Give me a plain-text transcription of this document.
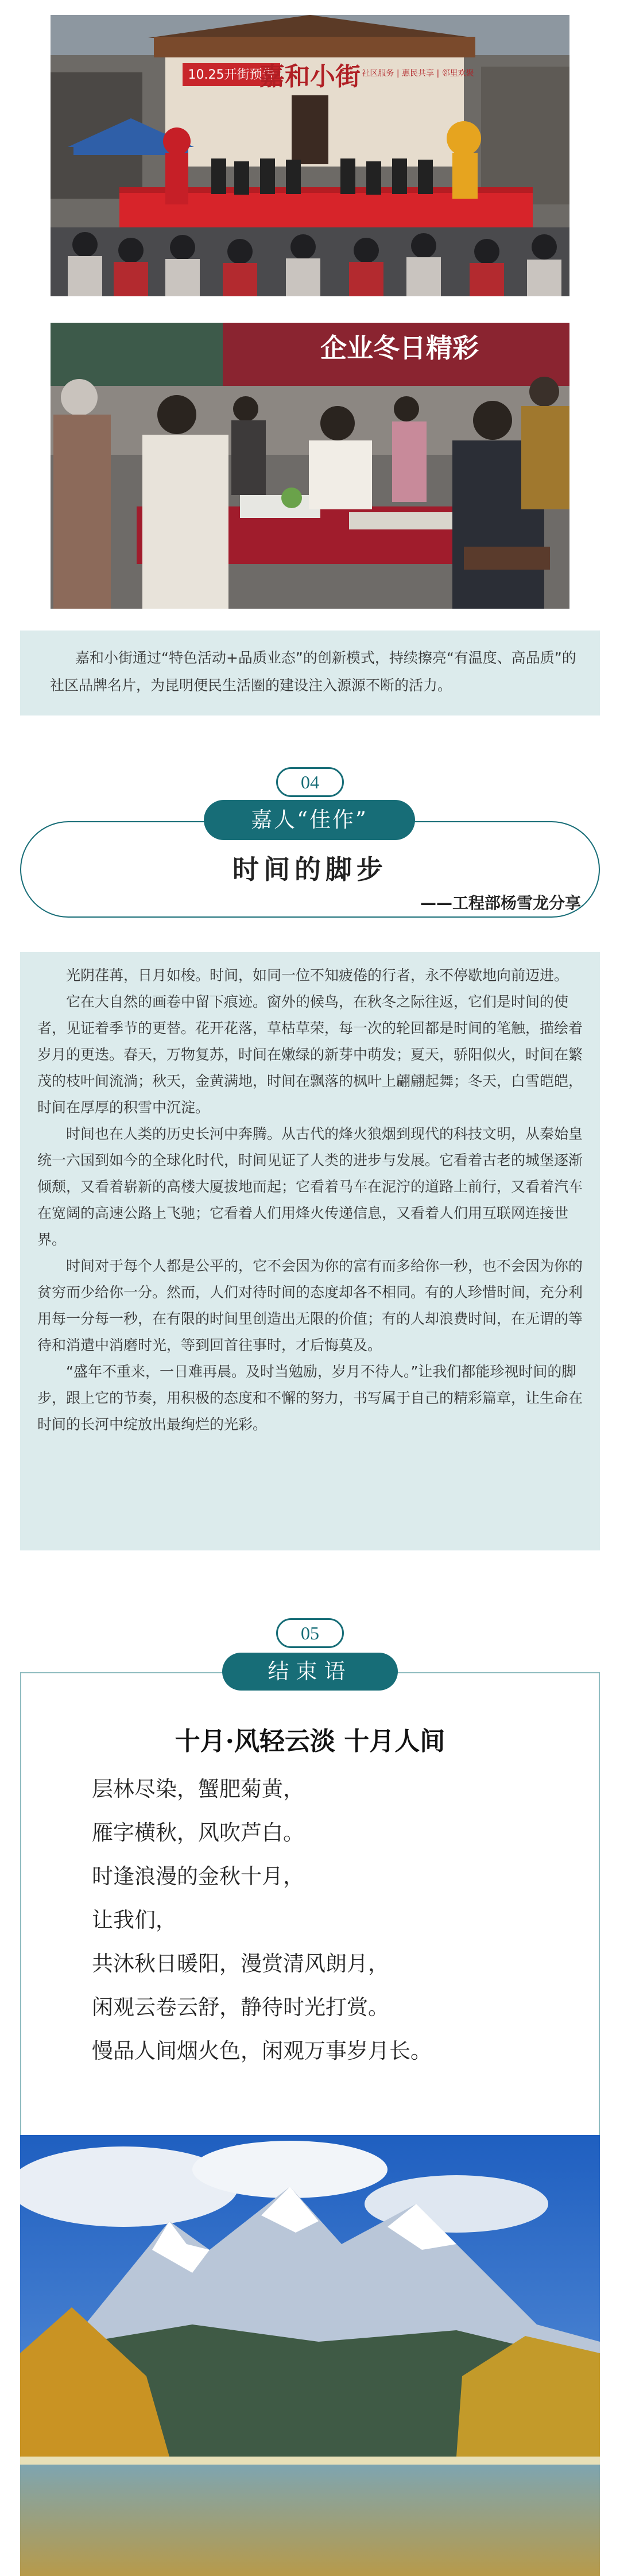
10.25开街预告
嘉和小街 社区服务 | 惠民共享 | 邻里欢聚
企业冬日精彩

嘉和小街通过“特色活动+品质业态”的创新模式，持续擦亮“有温度、高品质”的社区品牌名片，为昆明便民生活圈的建设注入源源不断的活力。

04
嘉人“佳作”
时间的脚步
——工程部杨雪龙分享

光阴荏苒，日月如梭。时间，如同一位不知疲倦的行者，永不停歇地向前迈进。

它在大自然的画卷中留下痕迹。窗外的候鸟，在秋冬之际往返，它们是时间的使者，见证着季节的更替。花开花落，草枯草荣，每一次的轮回都是时间的笔触，描绘着岁月的更迭。春天，万物复苏，时间在嫩绿的新芽中萌发；夏天，骄阳似火，时间在繁茂的枝叶间流淌；秋天，金黄满地，时间在飘落的枫叶上翩翩起舞；冬天，白雪皑皑，时间在厚厚的积雪中沉淀。

时间也在人类的历史长河中奔腾。从古代的烽火狼烟到现代的科技文明，从秦始皇统一六国到如今的全球化时代，时间见证了人类的进步与发展。它看着古老的城堡逐渐倾颓，又看着崭新的高楼大厦拔地而起；它看着马车在泥泞的道路上前行，又看着汽车在宽阔的高速公路上飞驰；它看着人们用烽火传递信息，又看着人们用互联网连接世界。

时间对于每个人都是公平的，它不会因为你的富有而多给你一秒，也不会因为你的贫穷而少给你一分。然而，人们对待时间的态度却各不相同。有的人珍惜时间，充分利用每一分每一秒，在有限的时间里创造出无限的价值；有的人却浪费时间，在无谓的等待和消遣中消磨时光，等到回首往事时，才后悔莫及。

“盛年不重来，一日难再晨。及时当勉励，岁月不待人。”让我们都能珍视时间的脚步，跟上它的节奏，用积极的态度和不懈的努力，书写属于自己的精彩篇章，让生命在时间的长河中绽放出最绚烂的光彩。

05
结束语
十月·风轻云淡 十月人间
层林尽染，蟹肥菊黄，
雁字横秋，风吹芦白。
时逢浪漫的金秋十月，
让我们，
共沐秋日暖阳，漫赏清风朗月，
闲观云卷云舒，静待时光打赏。
慢品人间烟火色，闲观万事岁月长。
